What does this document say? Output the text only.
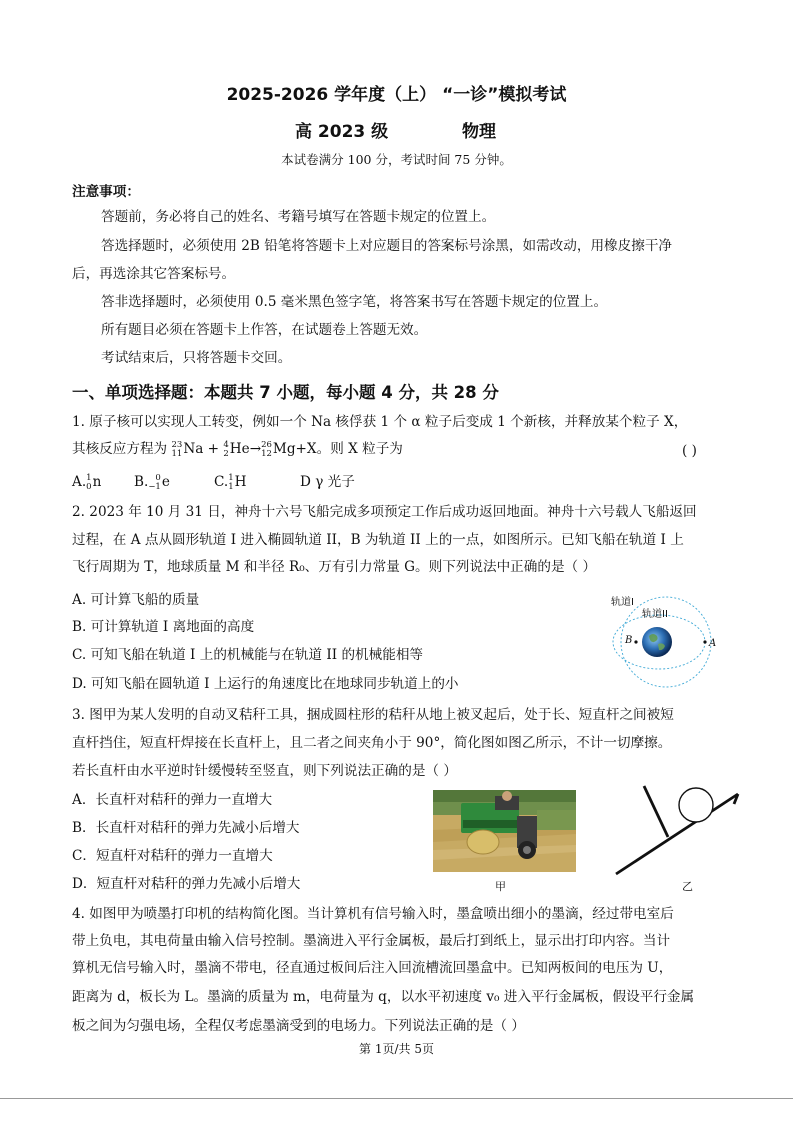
2025-2026 学年度（上） “一诊”模拟考试
高 2023 级	物理
本试卷满分 100 分，考试时间 75 分钟。
注意事项：
答题前，务必将自己的姓名、考籍号填写在答题卡规定的位置上。
答选择题时，必须使用 2B 铅笔将答题卡上对应题目的答案标号涂黑，如需改动，用橡皮擦干净
后，再选涂其它答案标号。
答非选择题时，必须使用 0.5 毫米黑色签字笔，将答案书写在答题卡规定的位置上。
所有题目必须在答题卡上作答，在试题卷上答题无效。
考试结束后，只将答题卡交回。
一、单项选择题：本题共 7 小题，每小题 4 分，共 28 分
1. 原子核可以实现人工转变，例如一个 Na 核俘获 1 个 α 粒子后变成 1 个新核，并释放某个粒子 X，
其核反应方程为 23
11 Na + 4
2 He→ 26
12 Mg+X。则 X 粒子为	( )
A. 1
0 n B. 0
−1 e	C. 1
1 H	D γ 光子
2. 2023 年 10 月 31 日，神舟十六号飞船完成多项预定工作后成功返回地面。神舟十六号载人飞船返回
过程，在 A 点从圆形轨道 I 进入椭圆轨道 II，B 为轨道 II 上的一点，如图所示。已知飞船在轨道 I 上
飞行周期为 T，地球质量 M 和半径 R₀、万有引力常量 G。则下列说法中正确的是（ ）
A. 可计算飞船的质量
B. 可计算轨道 I 离地面的高度
C. 可知飞船在轨道 I 上的机械能与在轨道 II 的机械能相等
D. 可知飞船在圆轨道 I 上运行的角速度比在地球同步轨道上的小
轨道I
轨道II
B	A
3. 图甲为某人发明的自动叉秸秆工具，捆成圆柱形的秸秆从地上被叉起后，处于长、短直杆之间被短
直杆挡住，短直杆焊接在长直杆上，且二者之间夹角小于 90°，简化图如图乙所示，不计一切摩擦。
若长直杆由水平逆时针缓慢转至竖直，则下列说法正确的是（ ）
A．长直杆对秸秆的弹力一直增大
B．长直杆对秸秆的弹力先减小后增大
C．短直杆对秸秆的弹力一直增大
D．短直杆对秸秆的弹力先减小后增大	甲	乙
4. 如图甲为喷墨打印机的结构简化图。当计算机有信号输入时，墨盒喷出细小的墨滴，经过带电室后
带上负电，其电荷量由输入信号控制。墨滴进入平行金属板，最后打到纸上，显示出打印内容。当计
算机无信号输入时，墨滴不带电，径直通过板间后注入回流槽流回墨盒中。已知两板间的电压为 U，
距离为 d，板长为 L。墨滴的质量为 m，电荷量为 q，以水平初速度 v₀ 进入平行金属板，假设平行金属
板之间为匀强电场，全程仅考虑墨滴受到的电场力。下列说法正确的是（ ）
第 1页/共 5页
